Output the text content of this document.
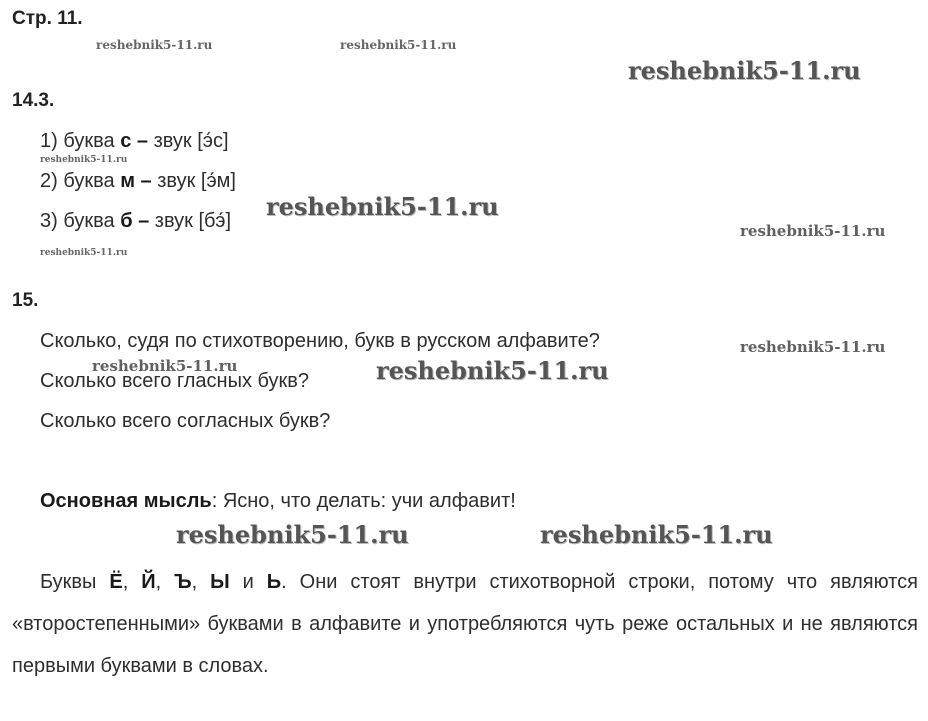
Стр. 11.
reshebnik5-11.ru	reshebnik5-11.ru
reshebnik5-11.ru
reshebnik5-11.ru
reshebnik5-11.ru
reshebnik5-11.ru
reshebnik5-11.ru
reshebnik5-11.ru
reshebnik5-11.ru	reshebnik5-11.ru
reshebnik5-11.ru	reshebnik5-11.ru
14.3.
1) буква с – звук [э́с]
2) буква м – звук [э́м]
3) буква б – звук [бэ́]
15.
Сколько, судя по стихотворению, букв в русском алфавите?
Сколько всего гласных букв?
Сколько всего согласных букв?
Основная мысль: Ясно, что делать: учи алфавит!
Буквы Ё, Й, Ъ, Ы и Ь. Они стоят внутри стихотворной строки, потому что являются «второстепенными» буквами в алфавите и употребляются чуть реже остальных и не являются первыми буквами в словах.
